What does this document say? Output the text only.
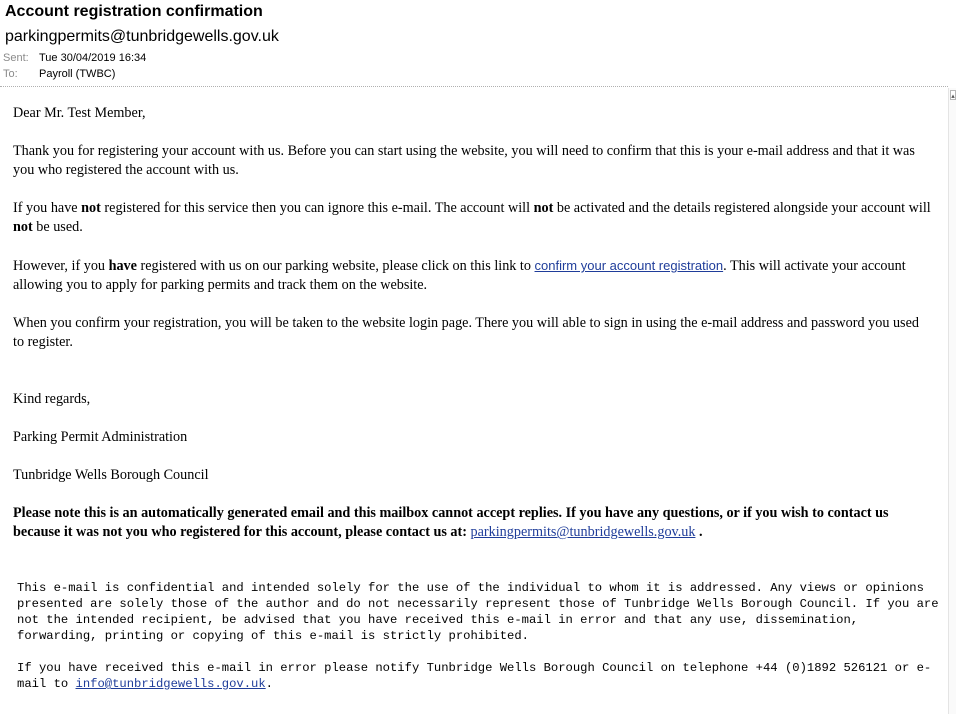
Account registration confirmation
parkingpermits@tunbridgewells.gov.uk
Sent: Tue 30/04/2019 16:34
To: Payroll (TWBC)
▴

Dear Mr. Test Member,

Thank you for registering your account with us. Before you can start using the website, you will need to confirm that this is your e-mail address and that it was you who registered the account with us.

If you have not registered for this service then you can ignore this e-mail. The account will not be activated and the details registered alongside your account will not be used.

However, if you have registered with us on our parking website, please click on this link to confirm your account registration. This will activate your account allowing you to apply for parking permits and track them on the website.

When you confirm your registration, you will be taken to the website login page. There you will able to sign in using the e-mail address and password you used to register.

Kind regards,

Parking Permit Administration

Tunbridge Wells Borough Council

Please note this is an automatically generated email and this mailbox cannot accept replies. If you have any questions, or if you wish to contact us because it was not you who registered for this account, please contact us at: parkingpermits@tunbridgewells.gov.uk .

This e-mail is confidential and intended solely for the use of the individual to whom it is addressed. Any views or opinions presented are solely those of the author and do not necessarily represent those of Tunbridge Wells Borough Council. If you are not the intended recipient, be advised that you have received this e-mail in error and that any use, dissemination, forwarding, printing or copying of this e-mail is strictly prohibited.

If you have received this e-mail in error please notify Tunbridge Wells Borough Council on telephone +44 (0)1892 526121 or e-mail to info@tunbridgewells.gov.uk.
